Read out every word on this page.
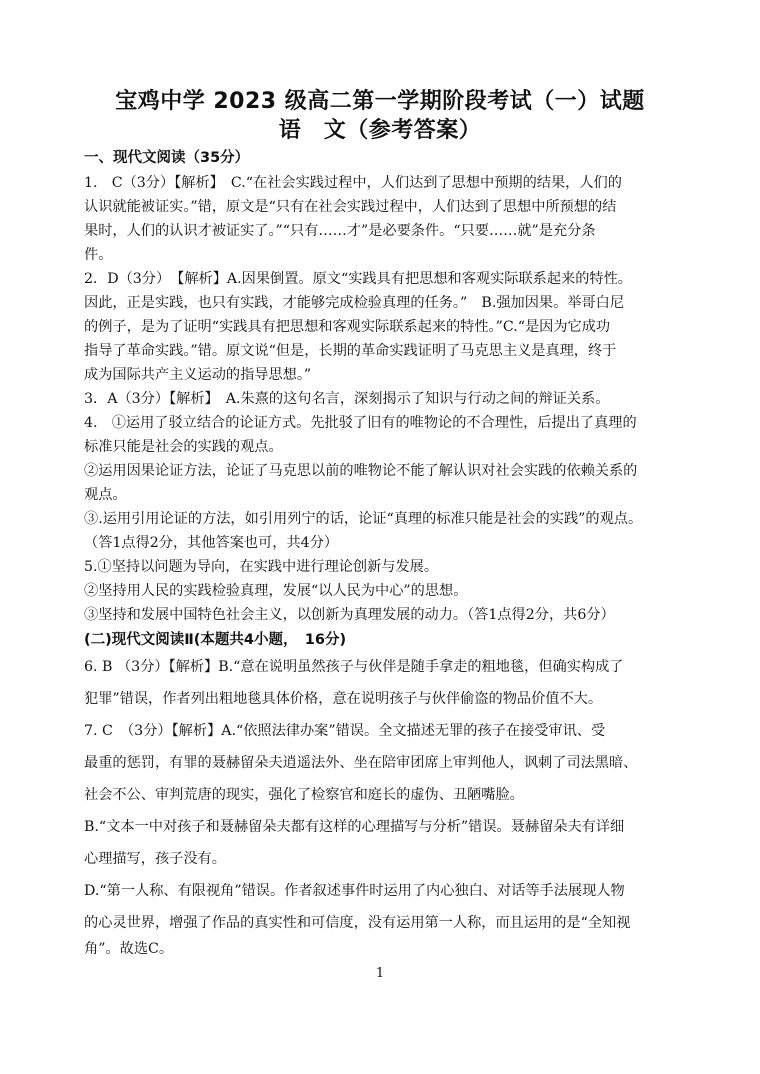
宝鸡中学 2023 级高二第一学期阶段考试（一）试题
语　文（参考答案）
一、现代文阅读（35分）
1.　C（3分）【解析】　C.“在社会实践过程中，人们达到了思想中预期的结果，人们的
认识就能被证实。”错，原文是“只有在社会实践过程中，人们达到了思想中所预想的结
果时，人们的认识才被证实了。”“只有……才”是必要条件。“只要……就”是充分条
件。
2．D（3分）　【解析】A.因果倒置。原文“实践具有把思想和客观实际联系起来的特性。
因此，正是实践，也只有实践，才能够完成检验真理的任务。”　B.强加因果。举哥白尼
的例子，是为了证明“实践具有把思想和客观实际联系起来的特性。”C.“是因为它成功
指导了革命实践。”错。原文说“但是，长期的革命实践证明了马克思主义是真理，终于
成为国际共产主义运动的指导思想。”
3．A（3分）【解析】　A.朱熹的这句名言，深刻揭示了知识与行动之间的辩证关系。
4.　①运用了驳立结合的论证方式。先批驳了旧有的唯物论的不合理性，后提出了真理的
标准只能是社会的实践的观点。
②运用因果论证方法，论证了马克思以前的唯物论不能了解认识对社会实践的依赖关系的
观点。
③.运用引用论证的方法，如引用列宁的话，论证“真理的标准只能是社会的实践”的观点。
（答1点得2分，其他答案也可，共4分）
5.①坚持以问题为导向，在实践中进行理论创新与发展。
②坚持用人民的实践检验真理，发展“以人民为中心”的思想。
③坚持和发展中国特色社会主义，以创新为真理发展的动力。（答1点得2分，共6分）
(二)现代文阅读Ⅱ(本题共4小题，　16分)
6. B （3分）【解析】B.“意在说明虽然孩子与伙伴是随手拿走的粗地毯，但确实构成了
犯罪”错误，作者列出粗地毯具体价格，意在说明孩子与伙伴偷盗的物品价值不大。
7. C　（3分）【解析】A.“依照法律办案”错误。全文描述无罪的孩子在接受审讯、受
最重的惩罚，有罪的聂赫留朵夫逍遥法外、坐在陪审团席上审判他人，讽刺了司法黑暗、
社会不公、审判荒唐的现实，强化了检察官和庭长的虚伪、丑陋嘴脸。
B.“文本一中对孩子和聂赫留朵夫都有这样的心理描写与分析”错误。聂赫留朵夫有详细
心理描写，孩子没有。
D.“第一人称、有限视角”错误。作者叙述事件时运用了内心独白、对话等手法展现人物
的心灵世界，增强了作品的真实性和可信度，没有运用第一人称，而且运用的是“全知视
角”。故选C。
1
